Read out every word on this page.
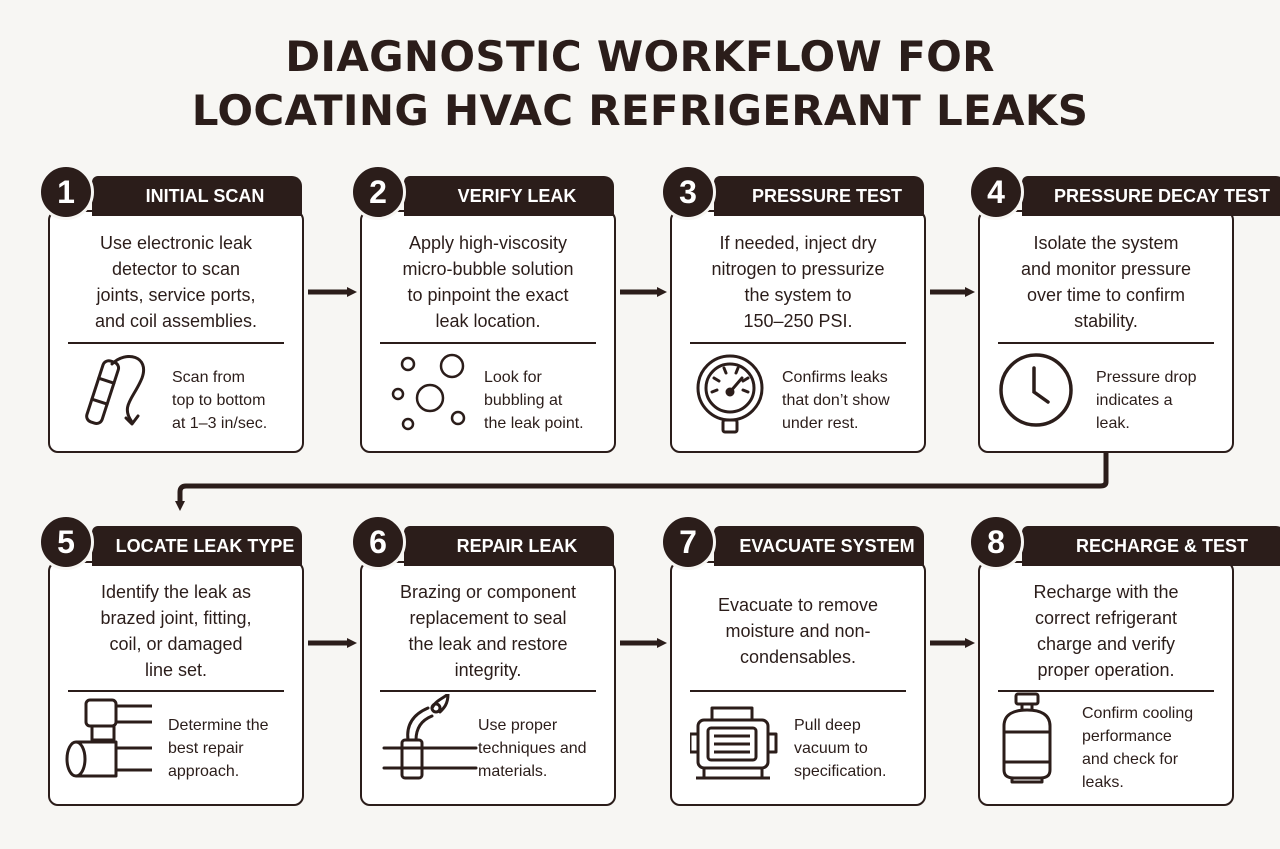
DIAGNOSTIC WORKFLOW FOR
LOCATING HVAC REFRIGERANT LEAKS
INITIAL SCAN
1
Use electronic leak
detector to scan
joints, service ports,
and coil assemblies.
Scan from
top to bottom
at 1–3 in/sec.
VERIFY LEAK
2
Apply high-viscosity
micro-bubble solution
to pinpoint the exact
leak location.
Look for
bubbling at
the leak point.
PRESSURE TEST
3
If needed, inject dry
nitrogen to pressurize
the system to
150–250 PSI.
Confirms leaks
that don’t show
under rest.
PRESSURE DECAY TEST
4
Isolate the system
and monitor pressure
over time to confirm
stability.
Pressure drop
indicates a
leak.
LOCATE LEAK TYPE
5
Identify the leak as
brazed joint, fitting,
coil, or damaged
line set.
Determine the
best repair
approach.
REPAIR LEAK
6
Brazing or component
replacement to seal
the leak and restore
integrity.
Use proper
techniques and
materials.
EVACUATE SYSTEM
7
Evacuate to remove
moisture and non-
condensables.
Pull deep
vacuum to
specification.
RECHARGE & TEST
8
Recharge with the
correct refrigerant
charge and verify
proper operation.
Confirm cooling
performance
and check for
leaks.
